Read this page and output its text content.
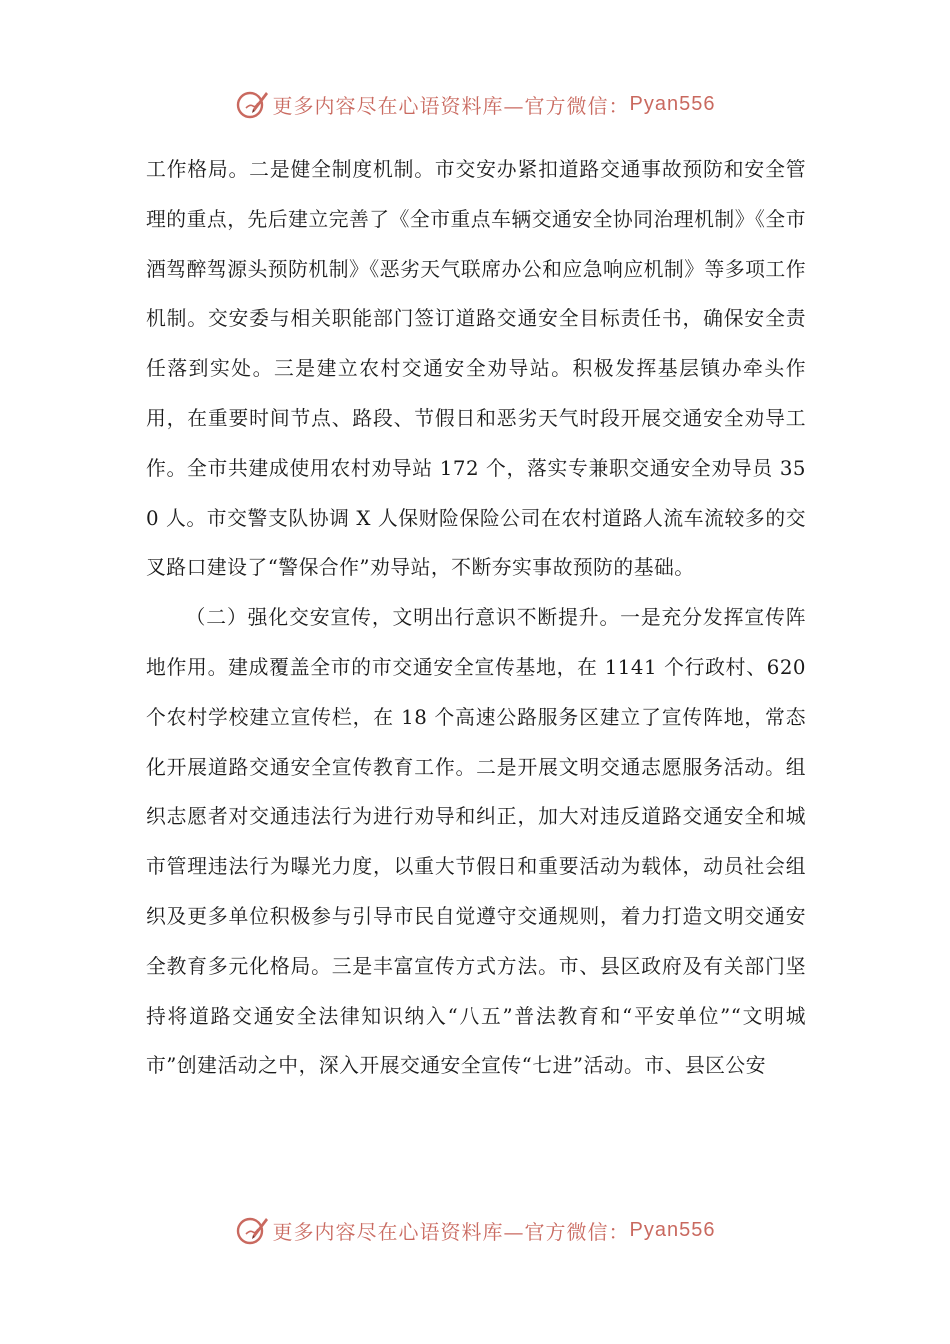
更多内容尽在心语资料库—官方微信： Pyan556

工作格局。二是健全制度机制。市交安办紧扣道路交通事故预防和安全管理的重点，先后建立完善了《全市重点车辆交通安全协同治理机制》《全市酒驾醉驾源头预防机制》《恶劣天气联席办公和应急响应机制》等多项工作机制。交安委与相关职能部门签订道路交通安全目标责任书，确保安全责任落到实处。三是建立农村交通安全劝导站。积极发挥基层镇办牵头作用，在重要时间节点、路段、节假日和恶劣天气时段开展交通安全劝导工作。全市共建成使用农村劝导站 172 个，落实专兼职交通安全劝导员 350 人。市交警支队协调 X 人保财险保险公司在农村道路人流车流较多的交叉路口建设了“警保合作”劝导站，不断夯实事故预防的基础。

（二）强化交安宣传，文明出行意识不断提升。一是充分发挥宣传阵地作用。建成覆盖全市的市交通安全宣传基地，在 1141 个行政村、620 个农村学校建立宣传栏，在 18 个高速公路服务区建立了宣传阵地，常态化开展道路交通安全宣传教育工作。二是开展文明交通志愿服务活动。组织志愿者对交通违法行为进行劝导和纠正，加大对违反道路交通安全和城市管理违法行为曝光力度，以重大节假日和重要活动为载体，动员社会组织及更多单位积极参与引导市民自觉遵守交通规则，着力打造文明交通安全教育多元化格局。三是丰富宣传方式方法。市、县区政府及有关部门坚持将道路交通安全法律知识纳入“八五”普法教育和“平安单位”“文明城市”创建活动之中，深入开展交通安全宣传“七进”活动。市、县区公安

更多内容尽在心语资料库—官方微信： Pyan556
